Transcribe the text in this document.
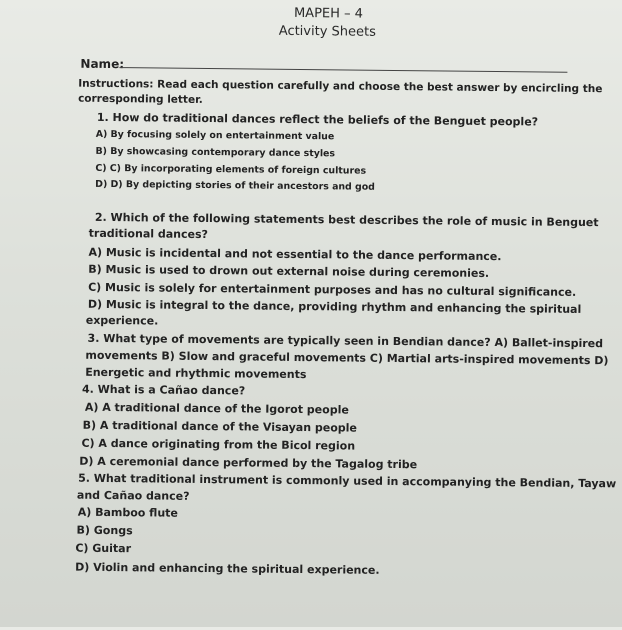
MAPEH – 4
Activity Sheets
Name:
Instructions: Read each question carefully and choose the best answer by encircling the
corresponding letter.
1. How do traditional dances reflect the beliefs of the Benguet people?
A) By focusing solely on entertainment value
B) By showcasing contemporary dance styles
C) C) By incorporating elements of foreign cultures
D) D) By depicting stories of their ancestors and god
2. Which of the following statements best describes the role of music in Benguet
traditional dances?
A) Music is incidental and not essential to the dance performance.
B) Music is used to drown out external noise during ceremonies.
C) Music is solely for entertainment purposes and has no cultural significance.
D) Music is integral to the dance, providing rhythm and enhancing the spiritual
experience.
3. What type of movements are typically seen in Bendian dance? A) Ballet-inspired
movements B) Slow and graceful movements C) Martial arts-inspired movements D)
Energetic and rhythmic movements
4. What is a Cañao dance?
A) A traditional dance of the Igorot people
B) A traditional dance of the Visayan people
C) A dance originating from the Bicol region
D) A ceremonial dance performed by the Tagalog tribe
5. What traditional instrument is commonly used in accompanying the Bendian, Tayaw
and Cañao dance?
A) Bamboo flute
B) Gongs
C) Guitar
D) Violin and enhancing the spiritual experience.
